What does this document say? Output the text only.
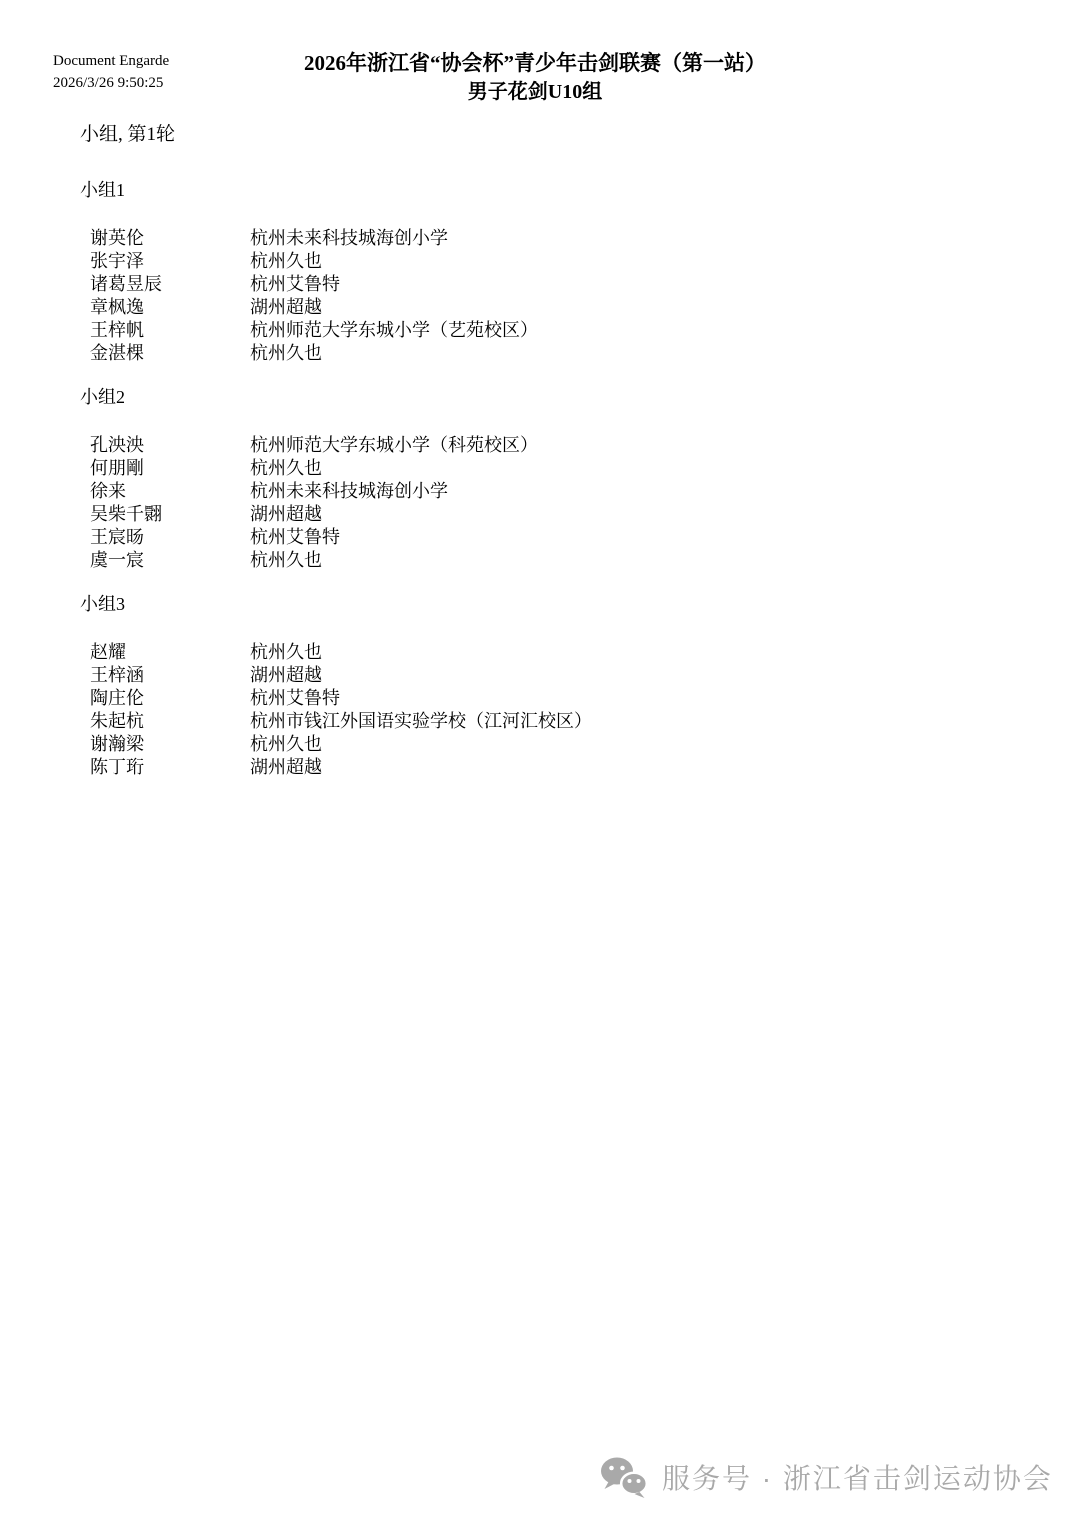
Document Engarde
2026/3/26 9:50:25
2026年浙江省“协会杯”青少年击剑联赛（第一站）
男子花剑U10组
小组, 第1轮
小组1
谢英伦	杭州未来科技城海创小学
张宇泽	杭州久也
诸葛昱辰	杭州艾鲁特
章枫逸	湖州超越
王梓帆	杭州师范大学东城小学（艺苑校区）
金湛棵	杭州久也
小组2
孔泱泱	杭州师范大学东城小学（科苑校区）
何朋剛	杭州久也
徐来	杭州未来科技城海创小学
吴柴千翾	湖州超越
王宸旸	杭州艾鲁特
虞一宸	杭州久也
小组3
赵耀	杭州久也
王梓涵	湖州超越
陶庄伦	杭州艾鲁特
朱起杭	杭州市钱江外国语实验学校（江河汇校区）
谢瀚梁	杭州久也
陈丁珩	湖州超越
服务号 · 浙江省击剑运动协会
